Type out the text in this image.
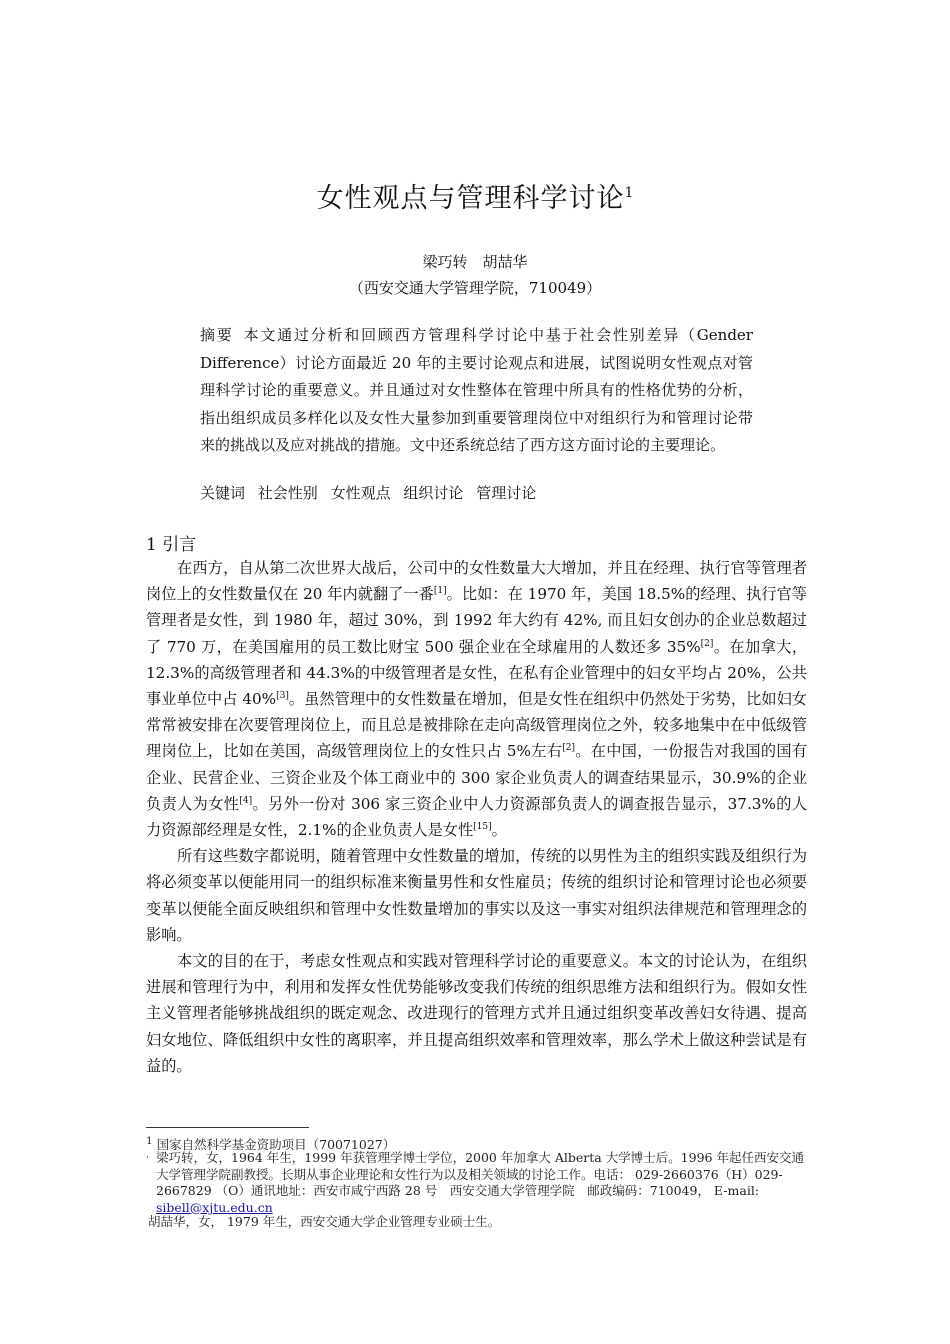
女性观点与管理科学讨论$^1$
梁巧转　胡喆华
（西安交通大学管理学院，710049）
摘要 本文通过分析和回顾西方管理科学讨论中基于社会性别差异（Gender Difference）讨论方面最近 20 年的主要讨论观点和进展，试图说明女性观点对管理科学讨论的重要意义。并且通过对女性整体在管理中所具有的性格优势的分析，指出组织成员多样化以及女性大量参加到重要管理岗位中对组织行为和管理讨论带来的挑战以及应对挑战的措施。文中还系统总结了西方这方面讨论的主要理论。
关键词 社会性别 女性观点 组织讨论 管理讨论
1 引言

在西方，自从第二次世界大战后，公司中的女性数量大大增加，并且在经理、执行官等管理者岗位上的女性数量仅在 20 年内就翻了一番[1]。比如：在 1970 年，美国 18.5%的经理、执行官等管理者是女性，到 1980 年，超过 30%，到 1992 年大约有 42%, 而且妇女创办的企业总数超过了 770 万，在美国雇用的员工数比财宝 500 强企业在全球雇用的人数还多 35%[2]。在加拿大，12.3%的高级管理者和 44.3%的中级管理者是女性，在私有企业管理中的妇女平均占 20%，公共事业单位中占 40%[3]。虽然管理中的女性数量在增加，但是女性在组织中仍然处于劣势，比如妇女常常被安排在次要管理岗位上，而且总是被排除在走向高级管理岗位之外，较多地集中在中低级管理岗位上，比如在美国，高级管理岗位上的女性只占 5%左右[2]。在中国，一份报告对我国的国有企业、民营企业、三资企业及个体工商业中的 300 家企业负责人的调查结果显示，30.9%的企业负责人为女性[4]。另外一份对 306 家三资企业中人力资源部负责人的调查报告显示，37.3%的人力资源部经理是女性，2.1%的企业负责人是女性[15]。

所有这些数字都说明，随着管理中女性数量的增加，传统的以男性为主的组织实践及组织行为将必须变革以便能用同一的组织标准来衡量男性和女性雇员；传统的组织讨论和管理讨论也必须要变革以便能全面反映组织和管理中女性数量增加的事实以及这一事实对组织法律规范和管理理念的影响。

本文的目的在于，考虑女性观点和实践对管理科学讨论的重要意义。本文的讨论认为，在组织进展和管理行为中，利用和发挥女性优势能够改变我们传统的组织思维方法和组织行为。假如女性主义管理者能够挑战组织的既定观念、改进现行的管理方式并且通过组织变革改善妇女待遇、提高妇女地位、降低组织中女性的离职率，并且提高组织效率和管理效率，那么学术上做这种尝试是有益的。

$^1$ 国家自然科学基金资助项目（70071027）
· 梁巧转，女，1964 年生，1999 年获管理学博士学位，2000 年加拿大 Alberta 大学博士后。1996 年起任西安交通大学管理学院副教授。长期从事企业理论和女性行为以及相关领域的讨论工作。电话： 029-2660376（H）029-2667829 （O）通讯地址：西安市咸宁西路 28 号　西安交通大学管理学院　邮政编码：710049， E-mail: sibell@xjtu.edu.cn
胡喆华，女， 1979 年生，西安交通大学企业管理专业硕士生。
